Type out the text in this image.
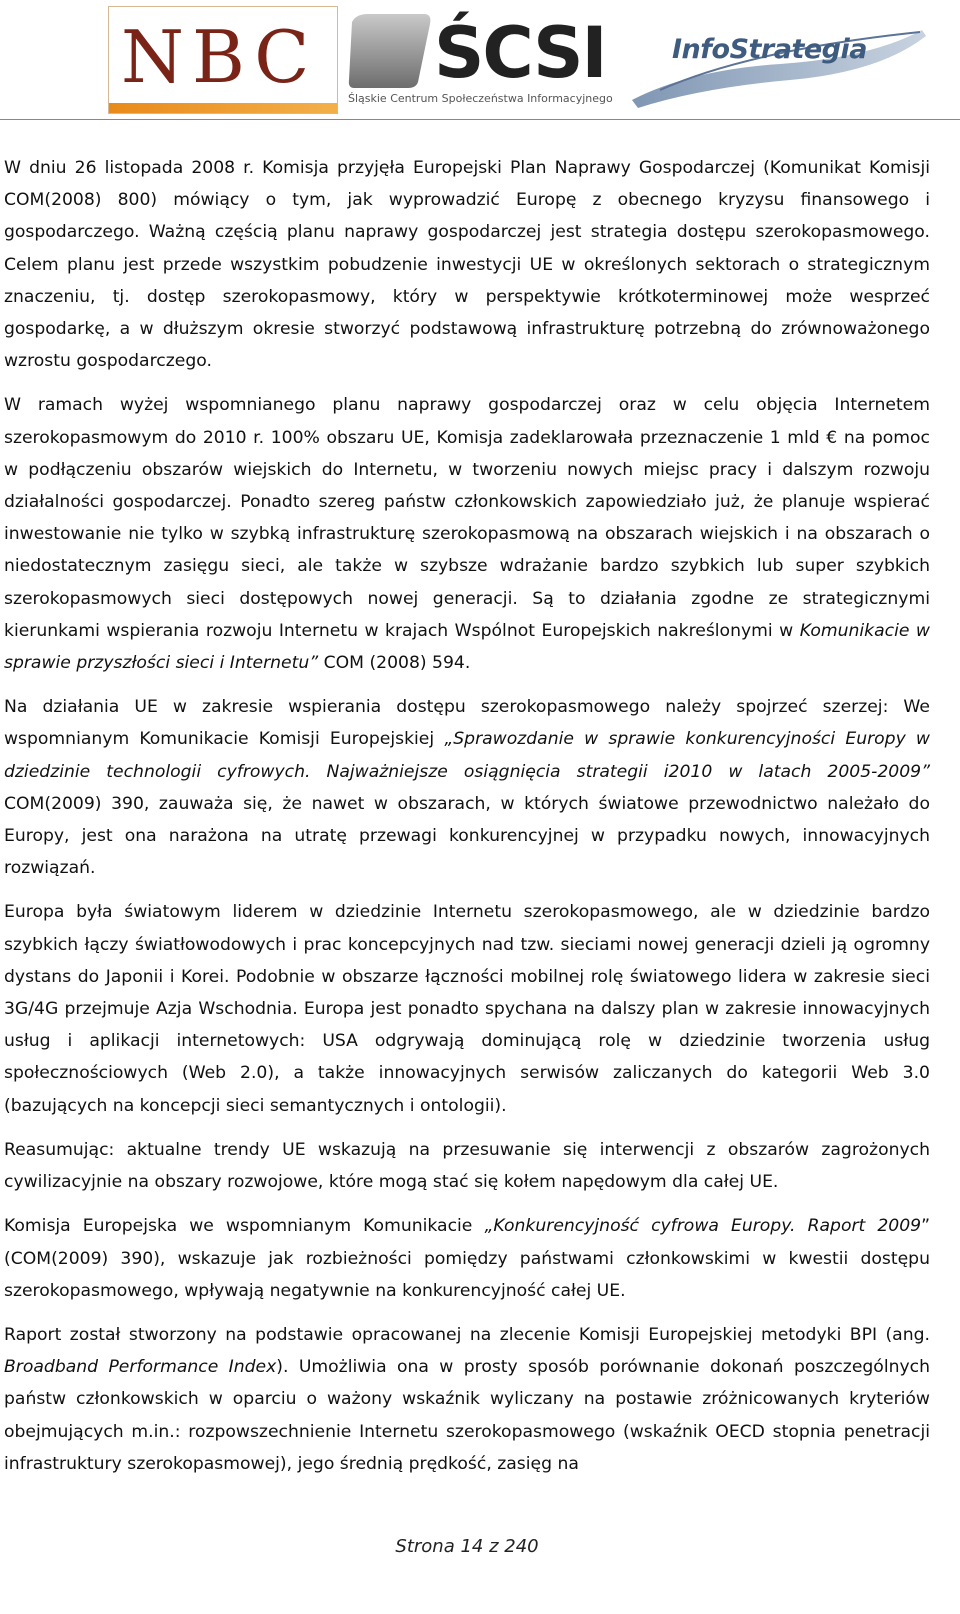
NBC ŚCSI
Śląskie Centrum Społeczeństwa Informacyjnego
InfoStrategia

W dniu 26 listopada 2008 r. Komisja przyjęła Europejski Plan Naprawy Gospodarczej (Komunikat Komisji COM(2008) 800) mówiący o tym, jak wyprowadzić Europę z obecnego kryzysu finansowego i gospodarczego. Ważną częścią planu naprawy gospodarczej jest strategia dostępu szerokopasmowego. Celem planu jest przede wszystkim pobudzenie inwestycji UE w określonych sektorach o strategicznym znaczeniu, tj. dostęp szerokopasmowy, który w perspektywie krótkoterminowej może wesprzeć gospodarkę, a w dłuższym okresie stworzyć podstawową infrastrukturę potrzebną do zrównoważonego wzrostu gospodarczego.

W ramach wyżej wspomnianego planu naprawy gospodarczej oraz w celu objęcia Internetem szerokopasmowym do 2010 r. 100% obszaru UE, Komisja zadeklarowała przeznaczenie 1 mld € na pomoc w podłączeniu obszarów wiejskich do Internetu, w tworzeniu nowych miejsc pracy i dalszym rozwoju działalności gospodarczej. Ponadto szereg państw członkowskich zapowiedziało już, że planuje wspierać inwestowanie nie tylko w szybką infrastrukturę szerokopasmową na obszarach wiejskich i na obszarach o niedostatecznym zasięgu sieci, ale także w szybsze wdrażanie bardzo szybkich lub super szybkich szerokopasmowych sieci dostępowych nowej generacji. Są to działania zgodne ze strategicznymi kierunkami wspierania rozwoju Internetu w krajach Wspólnot Europejskich nakreślonymi w Komunikacie w sprawie przyszłości sieci i Internetu” COM (2008) 594.

Na działania UE w zakresie wspierania dostępu szerokopasmowego należy spojrzeć szerzej: We wspomnianym Komunikacie Komisji Europejskiej „Sprawozdanie w sprawie konkurencyjności Europy w dziedzinie technologii cyfrowych. Najważniejsze osiągnięcia strategii i2010 w latach 2005-2009” COM(2009) 390, zauważa się, że nawet w obszarach, w których światowe przewodnictwo należało do Europy, jest ona narażona na utratę przewagi konkurencyjnej w przypadku nowych, innowacyjnych rozwiązań.

Europa była światowym liderem w dziedzinie Internetu szerokopasmowego, ale w dziedzinie bardzo szybkich łączy światłowodowych i prac koncepcyjnych nad tzw. sieciami nowej generacji dzieli ją ogromny dystans do Japonii i Korei. Podobnie w obszarze łączności mobilnej rolę światowego lidera w zakresie sieci 3G/4G przejmuje Azja Wschodnia. Europa jest ponadto spychana na dalszy plan w zakresie innowacyjnych usług i aplikacji internetowych: USA odgrywają dominującą rolę w dziedzinie tworzenia usług społecznościowych (Web 2.0), a także innowacyjnych serwisów zaliczanych do kategorii Web 3.0 (bazujących na koncepcji sieci semantycznych i ontologii).

Reasumując: aktualne trendy UE wskazują na przesuwanie się interwencji z obszarów zagrożonych cywilizacyjnie na obszary rozwojowe, które mogą stać się kołem napędowym dla całej UE.

Komisja Europejska we wspomnianym Komunikacie „Konkurencyjność cyfrowa Europy. Raport 2009” (COM(2009) 390), wskazuje jak rozbieżności pomiędzy państwami członkowskimi w kwestii dostępu szerokopasmowego, wpływają negatywnie na konkurencyjność całej UE.

Raport został stworzony na podstawie opracowanej na zlecenie Komisji Europejskiej metodyki BPI (ang. Broadband Performance Index). Umożliwia ona w prosty sposób porównanie dokonań poszczególnych państw członkowskich w oparciu o ważony wskaźnik wyliczany na postawie zróżnicowanych kryteriów obejmujących m.in.: rozpowszechnienie Internetu szerokopasmowego (wskaźnik OECD stopnia penetracji infrastruktury szerokopasmowej), jego średnią prędkość, zasięg na

Strona 14 z 240
